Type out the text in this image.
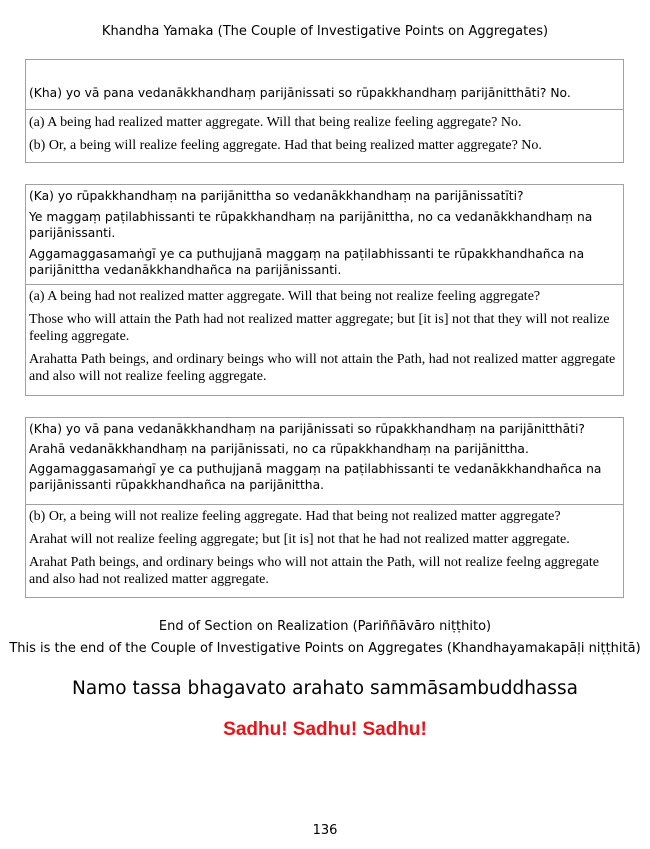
Khandha Yamaka (The Couple of Investigative Points on Aggregates)

(Kha) yo vā pana vedanākkhandhaṃ parijānissati so rūpakkhandhaṃ parijānitthāti? No.

(a) A being had realized matter aggregate. Will that being realize feeling aggregate? No.

(b) Or, a being will realize feeling aggregate. Had that being realized matter aggregate? No.

(Ka) yo rūpakkhandhaṃ na parijānittha so vedanākkhandhaṃ na parijānissatīti?

Ye maggaṃ paṭilabhissanti te rūpakkhandhaṃ na parijānittha, no ca vedanākkhandhaṃ na parijānissanti.

Aggamaggasamaṅgī ye ca puthujjanā maggaṃ na paṭilabhissanti te rūpakkhandhañca na parijānittha vedanākkhandhañca na parijānissanti.

(a) A being had not realized matter aggregate. Will that being not realize feeling aggregate?

Those who will attain the Path had not realized matter aggregate; but [it is] not that they will not realize feeling aggregate.

Arahatta Path beings, and ordinary beings who will not attain the Path, had not realized matter aggregate and also will not realize feeling aggregate.

(Kha) yo vā pana vedanākkhandhaṃ na parijānissati so rūpakkhandhaṃ na parijānitthāti?

Arahā vedanākkhandhaṃ na parijānissati, no ca rūpakkhandhaṃ na parijānittha.

Aggamaggasamaṅgī ye ca puthujjanā maggaṃ na paṭilabhissanti te vedanākkhandhañca na parijānissanti rūpakkhandhañca na parijānittha.

(b) Or, a being will not realize feeling aggregate. Had that being not realized matter aggregate?

Arahat will not realize feeling aggregate; but [it is] not that he had not realized matter aggregate.

Arahat Path beings, and ordinary beings who will not attain the Path, will not realize feelng aggregate and also had not realized matter aggregate.

End of Section on Realization (Pariññāvāro niṭṭhito)
This is the end of the Couple of Investigative Points on Aggregates (Khandhayamakapāḷi niṭṭhitā)
Namo tassa bhagavato arahato sammāsambuddhassa
Sadhu! Sadhu! Sadhu!
136
